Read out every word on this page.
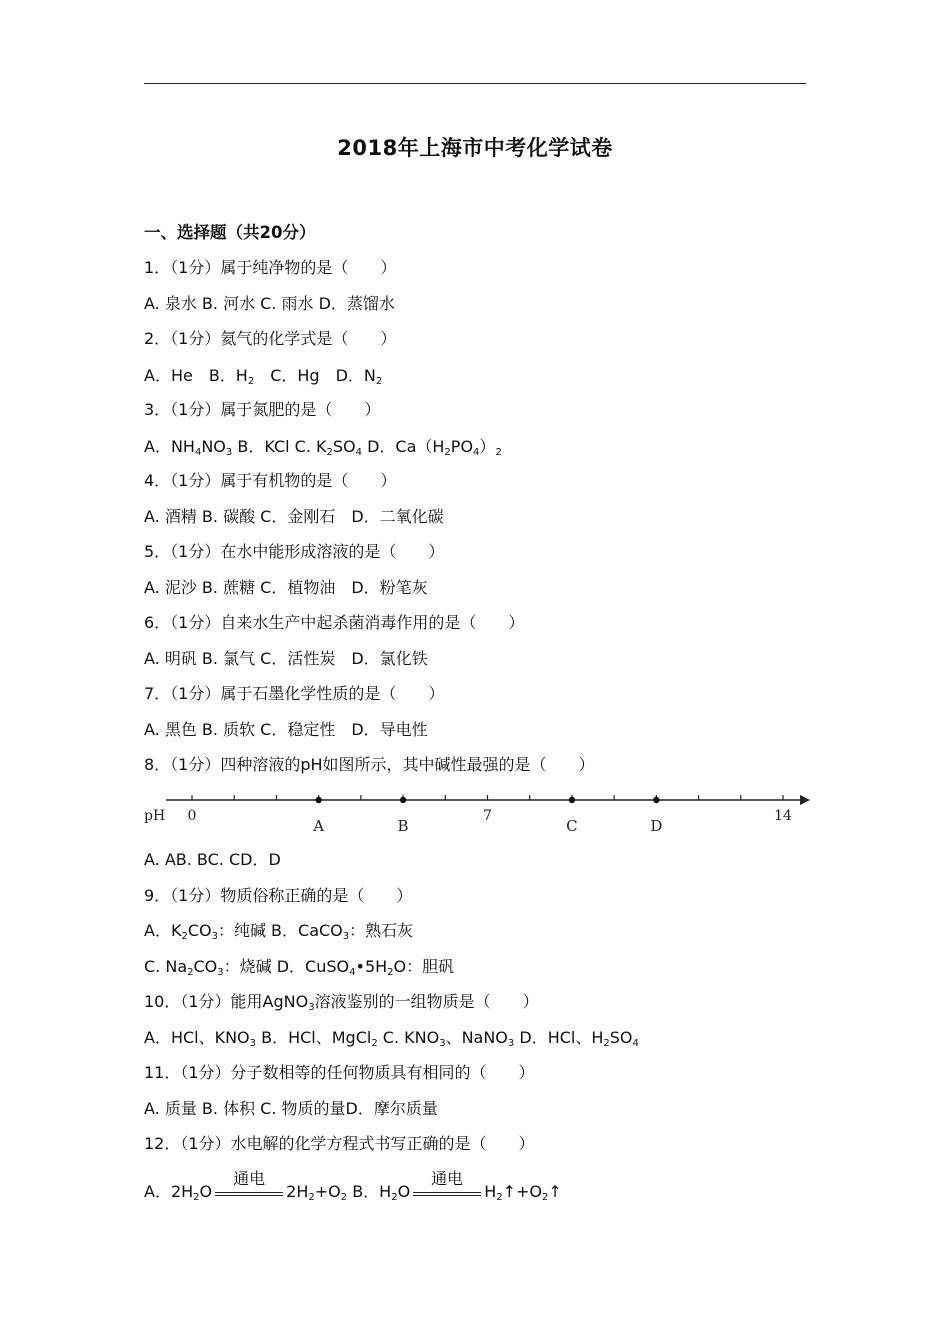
2018年上海市中考化学试卷
一、选择题（共20分）
1．（1分）属于纯净物的是（　　）
A. 泉水 B. 河水 C. 雨水 D．蒸馏水
2．（1分）氦气的化学式是（　　）
A．He　B．$H_2$　C．Hg　D．$N_2$
3．（1分）属于氮肥的是（　　）
A．$NH_4NO_3$ B．KCl C. $K_2SO_4$ D．$Ca(H_2PO_4)_2$
4．（1分）属于有机物的是（　　）
A. 酒精 B. 碳酸 C．金刚石　D．二氧化碳
5．（1分）在水中能形成溶液的是（　　）
A. 泥沙 B. 蔗糖 C．植物油　D．粉笔灰
6．（1分）自来水生产中起杀菌消毒作用的是（　　）
A. 明矾 B. 氯气 C．活性炭　D．氯化铁
7．（1分）属于石墨化学性质的是（　　）
A. 黑色 B. 质软 C．稳定性　D．导电性
8．（1分）四种溶液的pH如图所示，其中碱性最强的是（　　）
pH
A	B	C	D
0	7	14
A. AB. BC. CD．D
9．（1分）物质俗称正确的是（　　）
A．$K_2CO_3$：纯碱 B．CaCO$_3$：熟石灰
C. $Na_2CO_3$：烧碱 D．$CuSO_4•5H_2O$：胆矾
10．（1分）能用AgNO$_3$溶液鉴别的一组物质是（　　）
A．HCl、$KNO_3$ B．HCl、MgCl$_2$ C. $KNO_3$、NaNO$_3$ D．HCl、$H_2SO_4$
11．（1分）分子数相等的任何物质具有相同的（　　）
A. 质量 B. 体积 C. 物质的量D．摩尔质量
12．（1分）水电解的化学方程式书写正确的是（　　）
A．$2H_2O$
通电
$2H_2+O_2$ B．$H_2O$
通电
$H_2↑+O_2↑$
